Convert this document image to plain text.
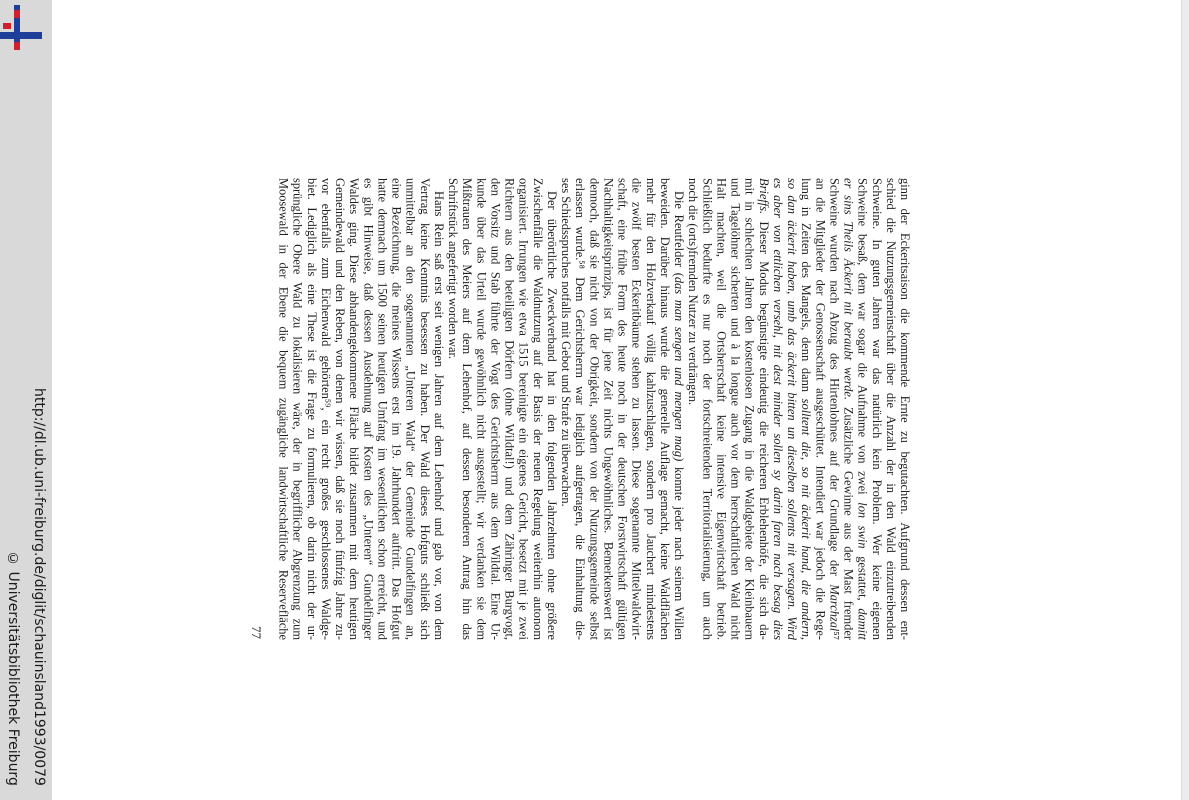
http://dl.ub.uni-freiburg.de/diglit/schauinsland1993/0079
© Universitätsbibliothek Freiburg
ginn der Eckeritsaison die kommende Ernte zu begutachten. Aufgrund dessen ent-
schied die Nutzungsgemeinschaft über die Anzahl der in den Wald einzutreibenden
Schweine. In guten Jahren war das natürlich kein Problem. Wer keine eigenen
Schweine besaß, dem war sogar die Aufnahme von zwei lon swin gestattet, damitt
er sins Theils Äckerit nit beraubt werde. Zusätzliche Gewinne aus der Mast fremder
Schweine wurden nach Abzug des Hirtenlohnes auf der Grundlage der Marchzal⁵⁷
an die Mitglieder der Genossenschaft ausgeschüttet. Intendiert war jedoch die Rege-
lung in Zeiten des Mangels, denn dann solltent die, so nit äckerit hand, die andern,
so dan äckerit haben, umb das äckerit bitten un dieselben sollents nit versagen. Wird
es aber von ettlichen versehl, nit dest minder sollen sy darin faren nach besag dies
Brieffs. Dieser Modus begünstigte eindeutig die reicheren Erblehenhöfe, die sich da-
mit in schlechten Jahren den kostenlosen Zugang in die Waldgebiete der Kleinbauern
und Tagelöhner sicherten und à la longue auch vor dem herrschaftlichen Wald nicht
Halt machten, weil die Ortsherrschaft keine intensive Eigenwirtschaft betrieb.
Schließlich bedurfte es nur noch der fortschreitenden Territorialisierung, um auch
noch die (orts)fremden Nutzer zu verdrängen.
Die Reutfelder (das man sengen und mengen mag) konnte jeder nach seinem Willen
beweiden. Darüber hinaus wurde die generelle Auflage gemacht, keine Waldflächen
mehr für den Holzverkauf völlig kahlzuschlagen, sondern pro Jauchert mindestens
die zwölf besten Eckeritbäume stehen zu lassen. Diese sogenannte Mittelwaldwirt-
schaft, eine frühe Form des heute noch in der deutschen Forstwirtschaft gültigen
Nachhaltigkeitsprinzips, ist für jene Zeit nichts Ungewöhnliches. Bemerkenswert ist
dennoch, daß sie nicht von der Obrigkeit, sondern von der Nutzungsgemeinde selbst
erlassen wurde.⁵⁸ Dem Gerichtsherrn war lediglich aufgetragen, die Einhaltung die-
ses Schiedsspruches notfalls mit Gebot und Strafe zu überwachen.
Der überörtliche Zweckverband hat in den folgenden Jahrzehnten ohne größere
Zwischenfälle die Waldnutzung auf der Basis der neuen Regelung weiterhin autonom
organisiert. Irrungen wie etwa 1515 bereinigte ein eigenes Gericht, besetzt mit je zwei
Richtern aus den beteiligten Dörfern (ohne Wildtal!) und dem Zähringer Burgvogt,
den Vorsitz und Stab führte der Vogt des Gerichtsherrn aus dem Wildtal. Eine Ur-
kunde über das Urteil wurde gewöhnlich nicht ausgestellt; wir verdanken sie dem
Mißtrauen des Meiers auf dem Lehenhof, auf dessen besonderen Antrag hin das
Schriftstück angefertigt worden war.
Hans Rein saß erst seit wenigen Jahren auf dem Lehenhof und gab vor, von dem
Vertrag keine Kenntnis besessen zu haben. Der Wald dieses Hofguts schließt sich
unmittelbar an den sogenannten „Unteren Wald“ der Gemeinde Gundelfingen an,
eine Bezeichnung, die meines Wissens erst im 19. Jahrhundert auftritt. Das Hofgut
hatte demnach um 1500 seinen heutigen Umfang im wesentlichen schon erreicht, und
es gibt Hinweise, daß dessen Ausdehnung auf Kosten des „Unteren“ Gundelfinger
Waldes ging. Diese abhandengekommene Fläche bildet zusammen mit dem heutigen
Gemeindewald und den Reben, von denen wir wissen, daß sie noch fünfzig Jahre zu-
vor ebenfalls zum Eichenwald gehörten⁵⁹, ein recht großes geschlossenes Waldge-
biet. Lediglich als eine These ist die Frage zu formulieren, ob darin nicht der ur-
sprüngliche Obere Wald zu lokalisieren wäre, der in begrifflicher Abgrenzung zum
Moosewald in der Ebene die bequem zugängliche landwirtschaftliche Reservefläche
77
